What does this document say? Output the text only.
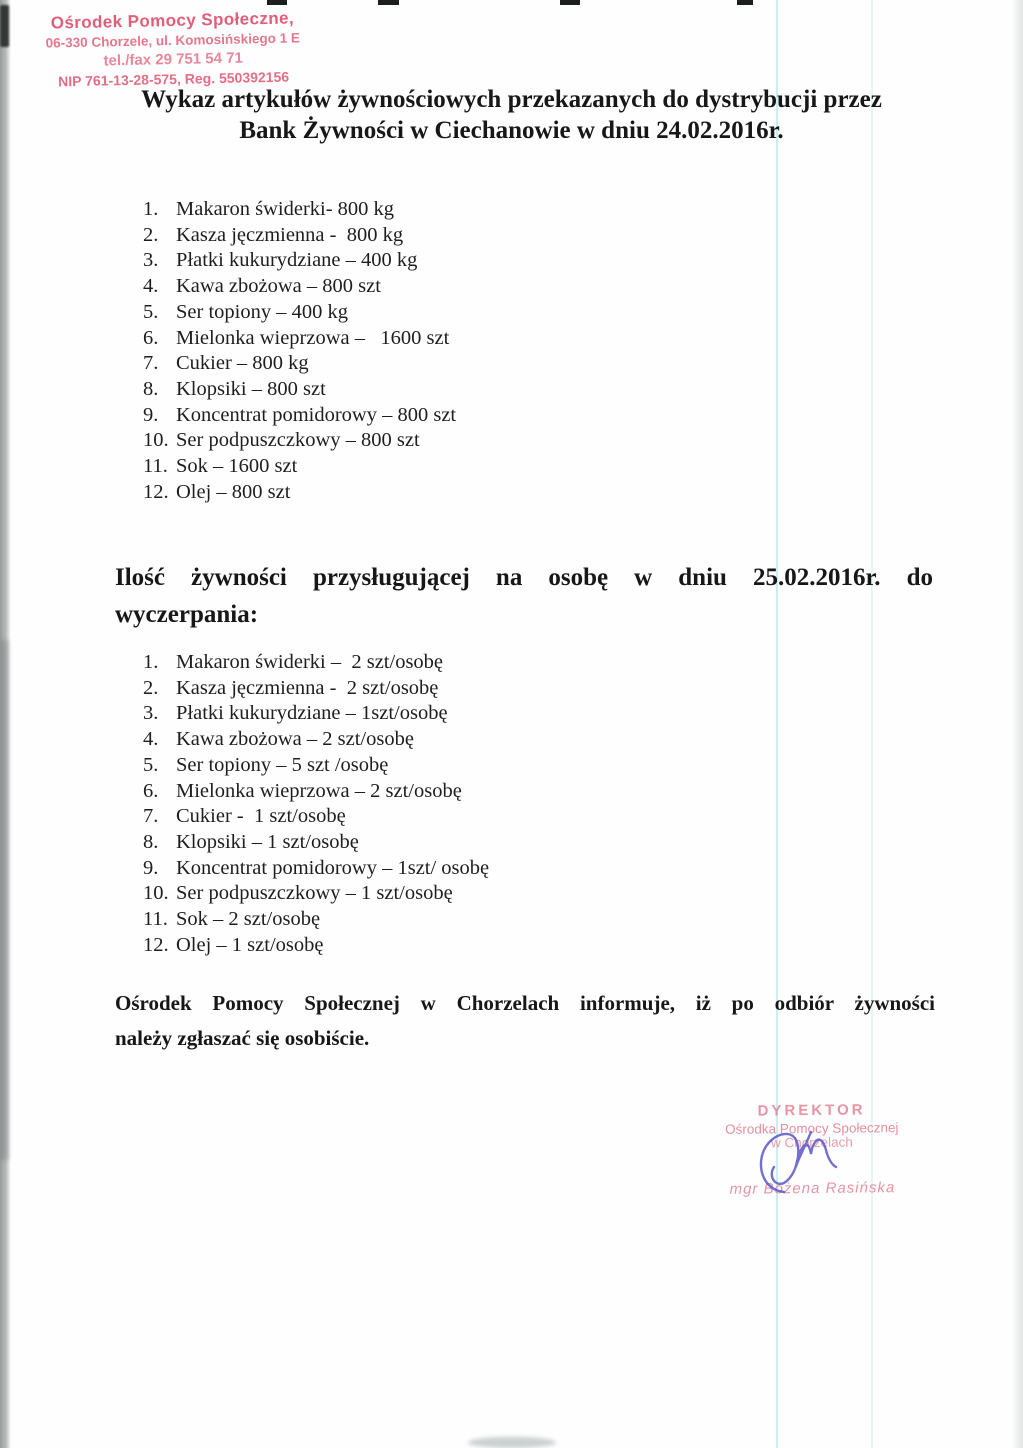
Ośrodek Pomocy Społeczne,
06-330 Chorzele, ul. Komosińskiego 1 E
tel./fax 29 751 54 71
NIP 761-13-28-575, Reg. 550392156
Wykaz artykułów żywnościowych przekazanych do dystrybucji przez
Bank Żywności w Ciechanowie w dniu 24.02.2016r.
1. Makaron świderki- 800 kg
2. Kasza jęczmienna -  800 kg
3. Płatki kukurydziane – 400 kg
4. Kawa zbożowa – 800 szt
5. Ser topiony – 400 kg
6. Mielonka wieprzowa –   1600 szt
7. Cukier – 800 kg
8. Klopsiki – 800 szt
9. Koncentrat pomidorowy – 800 szt
10. Ser podpuszczkowy – 800 szt
11. Sok – 1600 szt
12. Olej – 800 szt
Ilość żywności przysługującej na osobę w dniu 25.02.2016r. do
wyczerpania:
1. Makaron świderki –  2 szt/osobę
2. Kasza jęczmienna -  2 szt/osobę
3. Płatki kukurydziane – 1szt/osobę
4. Kawa zbożowa – 2 szt/osobę
5. Ser topiony – 5 szt /osobę
6. Mielonka wieprzowa – 2 szt/osobę
7. Cukier -  1 szt/osobę
8. Klopsiki – 1 szt/osobę
9. Koncentrat pomidorowy – 1szt/ osobę
10. Ser podpuszczkowy – 1 szt/osobę
11. Sok – 2 szt/osobę
12. Olej – 1 szt/osobę
Ośrodek Pomocy Społecznej w Chorzelach informuje, iż po odbiór żywności
należy zgłaszać się osobiście.
DYREKTOR
Ośrodka Pomocy Społecznej
w Chorzelach
mgr Bożena Rasińska
